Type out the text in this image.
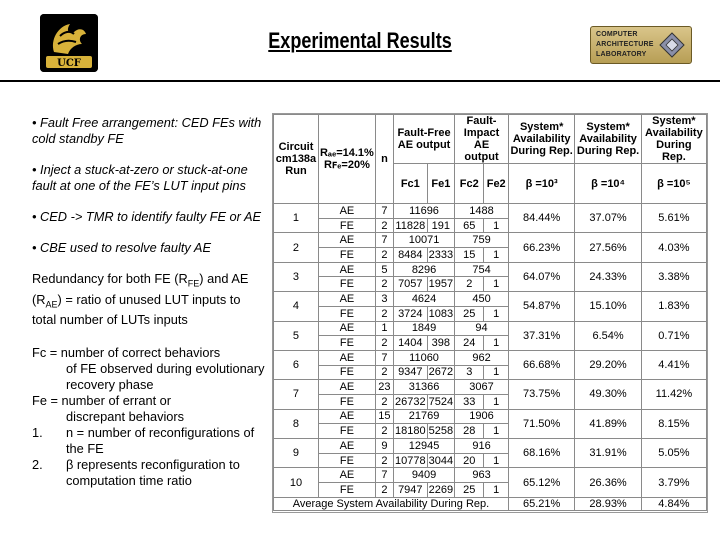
UCF
COMPUTER ARCHITECTURE LABORATORY
Experimental Results
• Fault Free arrangement: CED FEs with cold standby FE
• Inject a stuck-at-zero or stuck-at-one fault at one of the FE’s LUT input pins
• CED -> TMR to identify faulty FE or AE
• CBE used to resolve faulty AE
Redundancy for both FE $(R_{FE})$ and AE $(R_{AE})$ = ratio of unused LUT inputs to total number of LUTs inputs
Fc = number of correct behaviors
of FE observed during evolutionary recovery phase
Fe = number of errant or
discrepant behaviors
1.	n = number of reconfigurations of the FE
2.	β represents reconfiguration to computation time ratio
Circuit cm138a Run	Rₐₑ=14.1%
Rꜰₑ=20%	n	Fault-Free AE output		Fault-Impact AE output		System* Availability During Rep.	System* Availability During Rep.	System* Availability During Rep.
			Fc1	Fe1	Fc2	Fe2	β =10³	β =10⁴	β =10⁵
1	AE	7	11696		1488		84.44%	37.07%	5.61%
	FE	2	11828	191	65	1			
2	AE	7	10071		759		66.23%	27.56%	4.03%
	FE	2	8484	2333	15	1			
3	AE	5	8296		754		64.07%	24.33%	3.38%
	FE	2	7057	1957	2	1			
4	AE	3	4624		450		54.87%	15.10%	1.83%
	FE	2	3724	1083	25	1			
5	AE	1	1849		94		37.31%	6.54%	0.71%
	FE	2	1404	398	24	1			
6	AE	7	11060		962		66.68%	29.20%	4.41%
	FE	2	9347	2672	3	1			
7	AE	23	31366		3067		73.75%	49.30%	11.42%
	FE	2	26732	7524	33	1			
8	AE	15	21769		1906		71.50%	41.89%	8.15%
	FE	2	18180	5258	28	1			
9	AE	9	12945		916		68.16%	31.91%	5.05%
	FE	2	10778	3044	20	1			
10	AE	7	9409		963		65.12%	26.36%	3.79%
	FE	2	7947	2269	25	1			
Average System Availability During Rep.							65.21%	28.93%	4.84%
